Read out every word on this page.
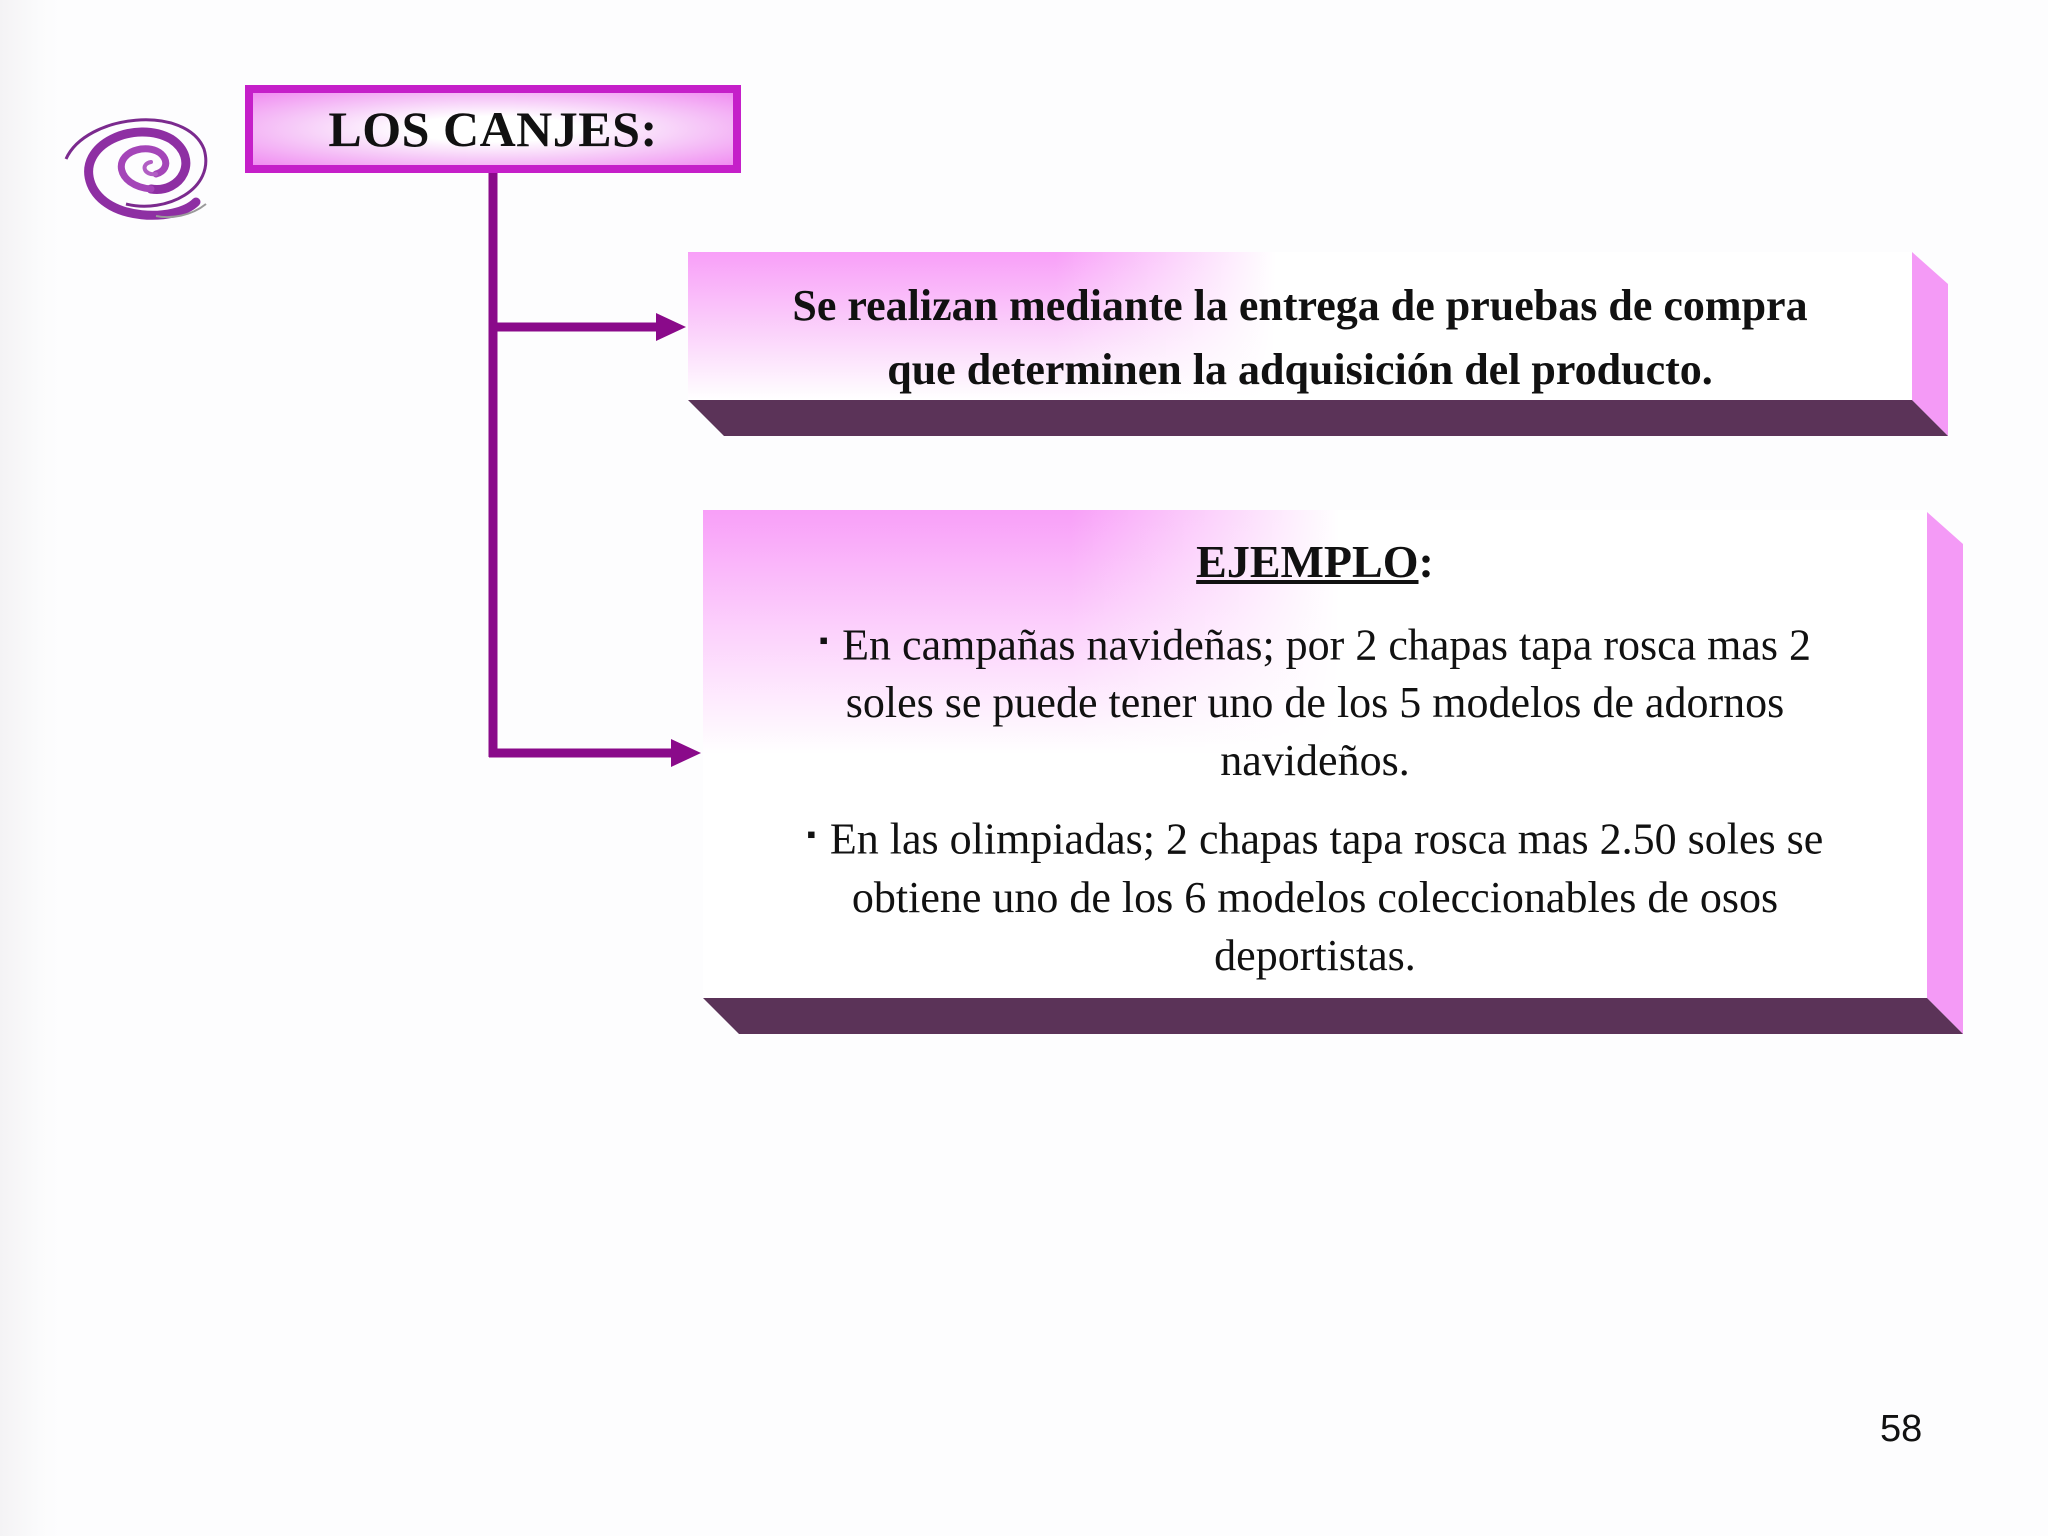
LOS CANJES:
Se realizan mediante la entrega de pruebas de compra
que determinen la adquisición del producto.
EJEMPLO:
▪ En campañas navideñas; por 2 chapas tapa rosca mas 2
soles se puede tener uno de los 5 modelos de adornos
navideños.
▪ En las olimpiadas; 2 chapas tapa rosca mas 2.50 soles se
obtiene uno de los 6 modelos coleccionables de osos
deportistas.
58
